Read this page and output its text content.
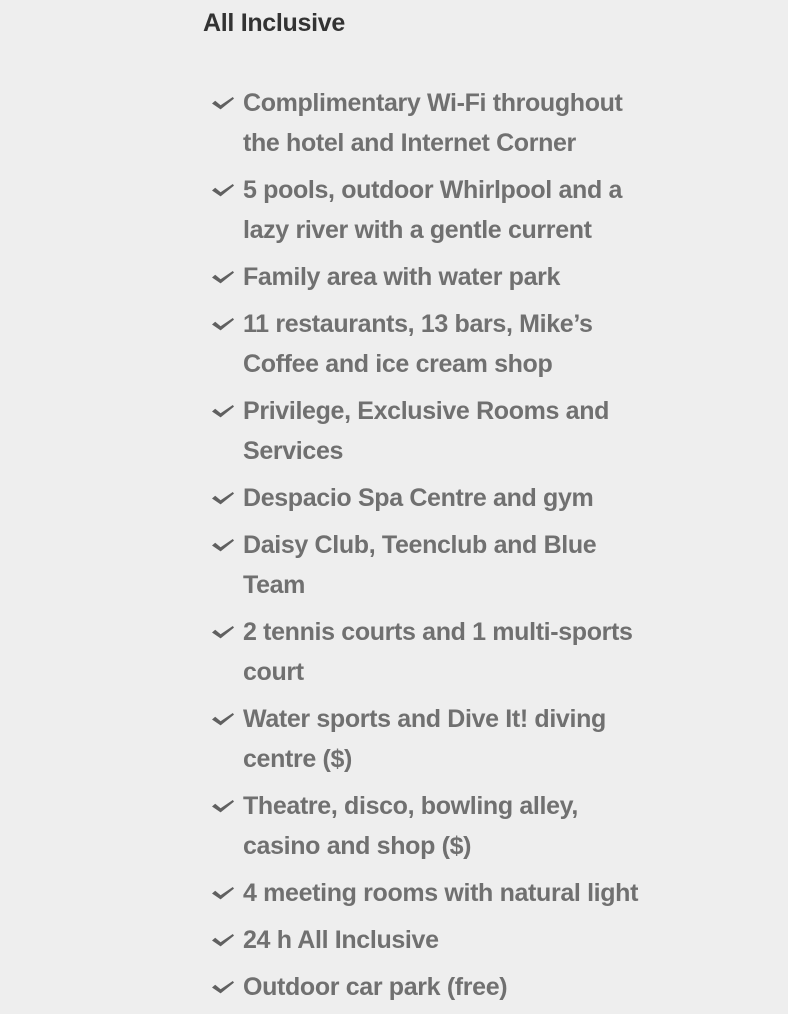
All Inclusive
Complimentary Wi-Fi throughout the hotel and Internet Corner
5 pools, outdoor Whirlpool and a lazy river with a gentle current
Family area with water park
11 restaurants, 13 bars, Mike’s Coffee and ice cream shop
Privilege, Exclusive Rooms and Services
Despacio Spa Centre and gym
Daisy Club, Teenclub and Blue Team
2 tennis courts and 1 multi-sports court
Water sports and Dive It! diving centre ($)
Theatre, disco, bowling alley, casino and shop ($)
4 meeting rooms with natural light
24 h All Inclusive
Outdoor car park (free)
